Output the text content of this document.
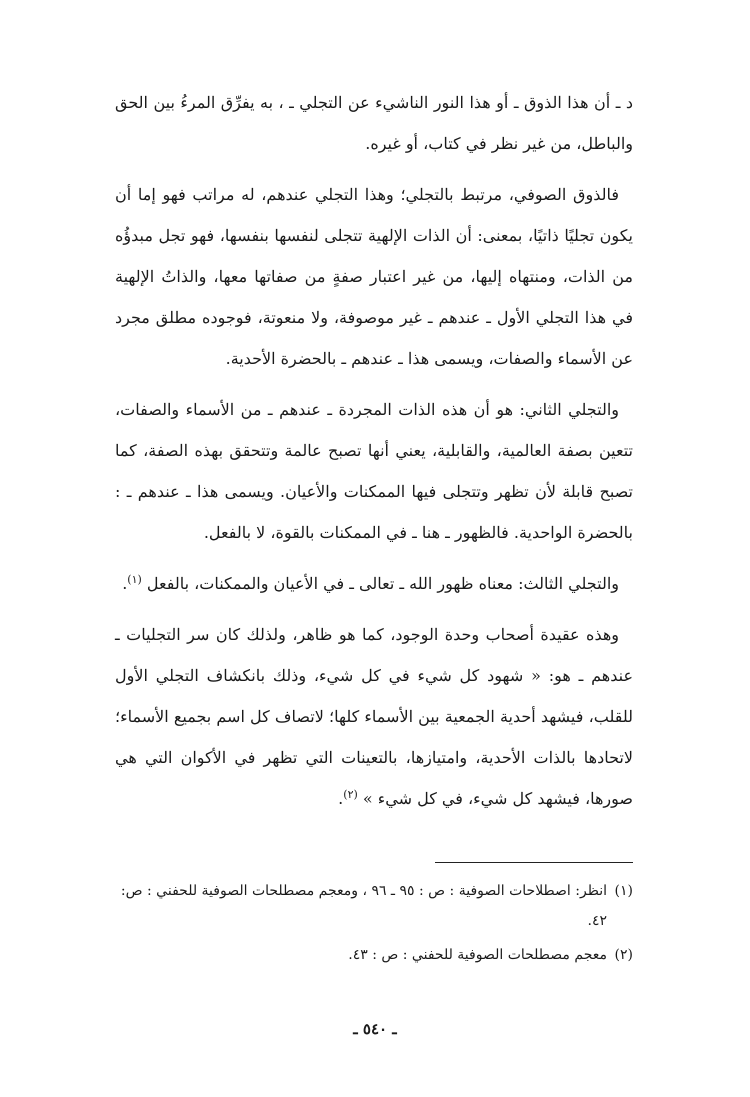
د ـ أن هذا الذوق ـ أو هذا النور الناشيء عن التجلي ـ ، به يفرِّق المرءُ بين الحق والباطل، من غير نظر في كتاب، أو غيره.

فالذوق الصوفي، مرتبط بالتجلي؛ وهذا التجلي عندهم، له مراتب فهو إما أن يكون تجليًا ذاتيًا، بمعنى: أن الذات الإلهية تتجلى لنفسها بنفسها، فهو تجل مبدؤُه من الذات، ومنتهاه إليها، من غير اعتبار صفةٍ من صفاتها معها، والذاتُ الإلهية في هذا التجلي الأول ـ عندهم ـ غير موصوفة، ولا منعوتة، فوجوده مطلق مجرد عن الأسماء والصفات، ويسمى هذا ـ عندهم ـ بالحضرة الأحدية.

والتجلي الثاني: هو أن هذه الذات المجردة ـ عندهم ـ من الأسماء والصفات، تتعين بصفة العالمية، والقابلية، يعني أنها تصبح عالمة وتتحقق بهذه الصفة، كما تصبح قابلة لأن تظهر وتتجلى فيها الممكنات والأعيان. ويسمى هذا ـ عندهم ـ : بالحضرة الواحدية. فالظهور ـ هنا ـ في الممكنات بالقوة، لا بالفعل.

والتجلي الثالث: معناه ظهور الله ـ تعالى ـ في الأعيان والممكنات، بالفعل $^{(١)}$.

وهذه عقيدة أصحاب وحدة الوجود، كما هو ظاهر، ولذلك كان سر التجليات ـ عندهم ـ هو: « شهود كل شيء في كل شيء، وذلك بانكشاف التجلي الأول للقلب، فيشهد أحدية الجمعية بين الأسماء كلها؛ لاتصاف كل اسم بجميع الأسماء؛ لاتحادها بالذات الأحدية، وامتيازها، بالتعينات التي تظهر في الأكوان التي هي صورها، فيشهد كل شيء، في كل شيء » $^{(٢)}$.

(١)
انظر: اصطلاحات الصوفية : ص : ٩٥ ـ ٩٦ ، ومعجم مصطلحات الصوفية للحفني : ص: ٤٢.

(٢)
معجم مصطلحات الصوفية للحفني : ص : ٤٣.

ـ ٥٤٠ ـ
